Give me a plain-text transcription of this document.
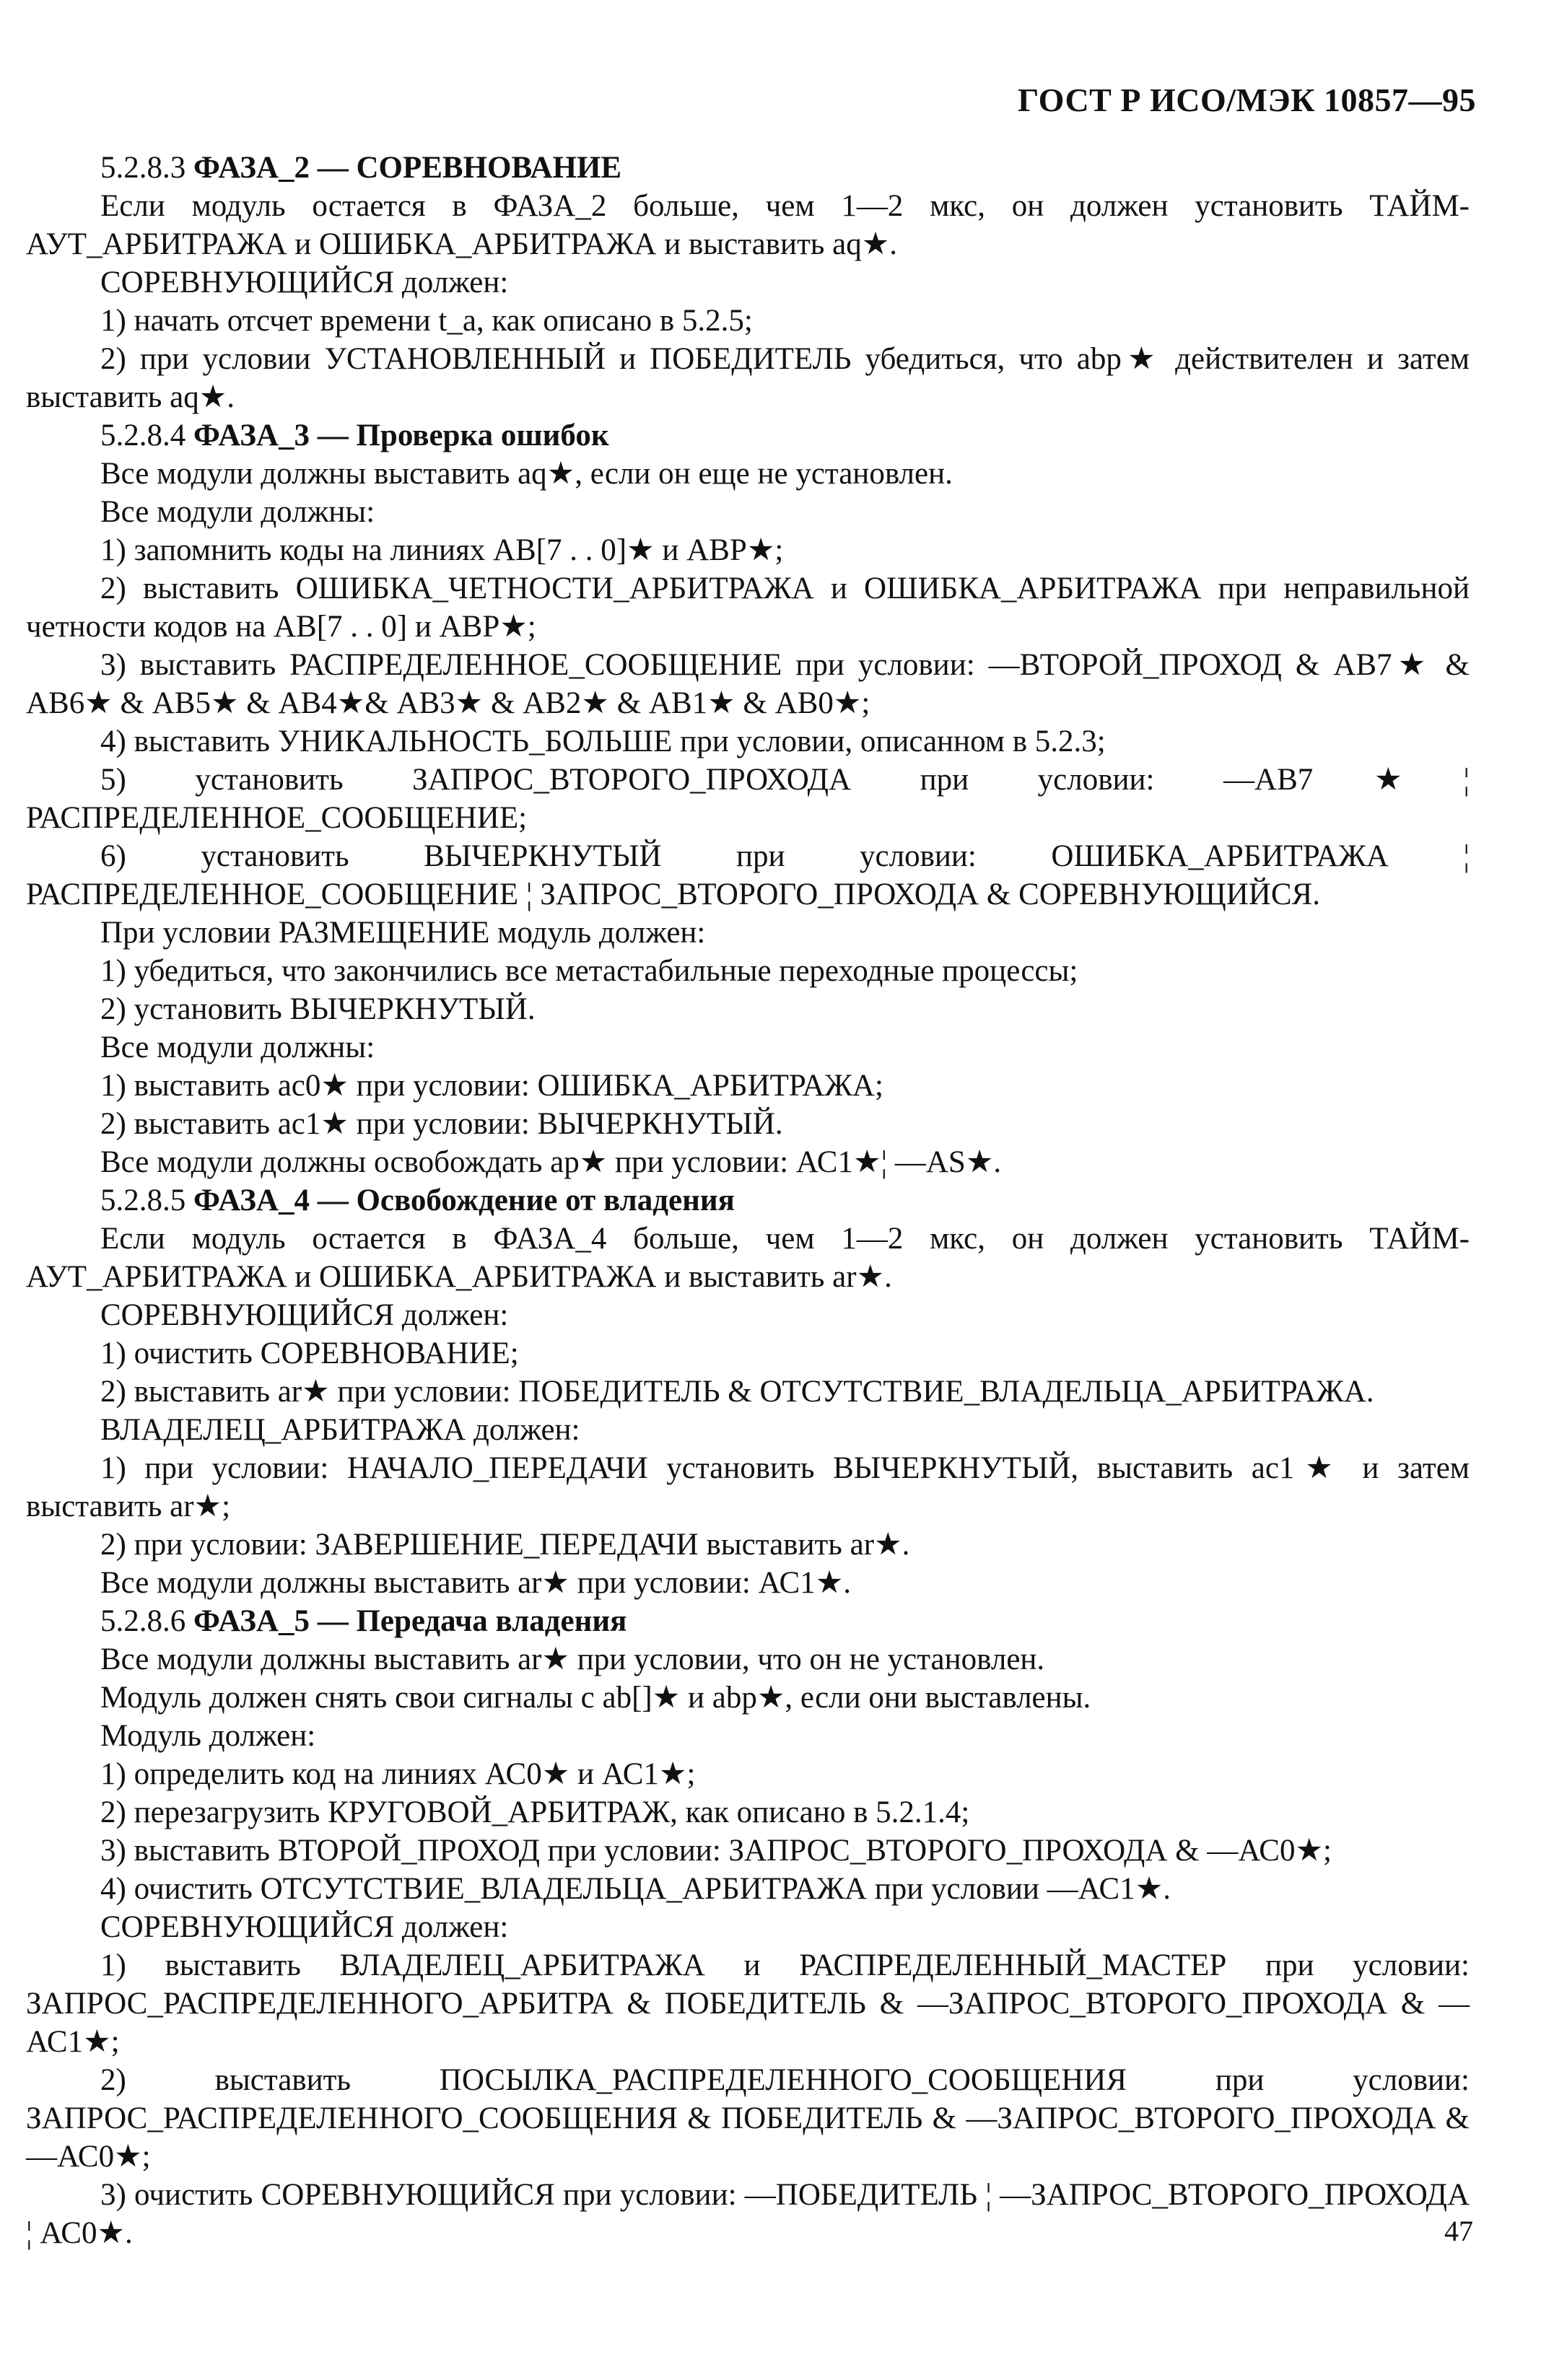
ГОСТ Р ИСО/МЭК 10857—95

5.2.8.3 ФАЗА_2 — СОРЕВНОВАНИЕ

Если модуль остается в ФАЗА_2 больше, чем 1—2 мкс, он должен установить ТАЙМ-АУТ_АРБИТРАЖА и ОШИБКА_АРБИТРАЖА и выставить aq★.

СОРЕВНУЮЩИЙСЯ должен:

1) начать отсчет времени t_a, как описано в 5.2.5;

2) при условии УСТАНОВЛЕННЫЙ и ПОБЕДИТЕЛЬ убедиться, что abp★ действителен и затем выставить aq★.

5.2.8.4 ФАЗА_3 — Проверка ошибок

Все модули должны выставить aq★, если он еще не установлен.

Все модули должны:

1) запомнить коды на линиях АВ[7 . . 0]★ и АВР★;

2) выставить ОШИБКА_ЧЕТНОСТИ_АРБИТРАЖА и ОШИБКА_АРБИТРАЖА при неправильной четности кодов на АВ[7 . . 0] и АВР★;

3) выставить РАСПРЕДЕЛЕННОЕ_СООБЩЕНИЕ при условии: —ВТОРОЙ_ПРОХОД & АВ7★ & АВ6★ & АВ5★ & АВ4★& АВ3★ & АВ2★ & АВ1★ & АВ0★;

4) выставить УНИКАЛЬНОСТЬ_БОЛЬШЕ при условии, описанном в 5.2.3;

5) установить ЗАПРОС_ВТОРОГО_ПРОХОДА при условии: —АВ7★¦ РАСПРЕДЕЛЕННОЕ_СООБЩЕНИЕ;

6) установить ВЫЧЕРКНУТЫЙ при условии: ОШИБКА_АРБИТРАЖА ¦ РАСПРЕДЕЛЕННОЕ_СООБЩЕНИЕ ¦ ЗАПРОС_ВТОРОГО_ПРОХОДА & СОРЕВНУЮЩИЙСЯ.

При условии РАЗМЕЩЕНИЕ модуль должен:

1) убедиться, что закончились все метастабильные переходные процессы;

2) установить ВЫЧЕРКНУТЫЙ.

Все модули должны:

1) выставить ас0★ при условии: ОШИБКА_АРБИТРАЖА;

2) выставить ас1★ при условии: ВЫЧЕРКНУТЫЙ.

Все модули должны освобождать ар★ при условии: АС1★¦ —АS★.

5.2.8.5 ФАЗА_4 — Освобождение от владения

Если модуль остается в ФАЗА_4 больше, чем 1—2 мкс, он должен установить ТАЙМ-АУТ_АРБИТРАЖА и ОШИБКА_АРБИТРАЖА и выставить ar★.

СОРЕВНУЮЩИЙСЯ должен:

1) очистить СОРЕВНОВАНИЕ;

2) выставить ar★ при условии: ПОБЕДИТЕЛЬ & ОТСУТСТВИЕ_ВЛАДЕЛЬЦА_АРБИТРАЖА.

ВЛАДЕЛЕЦ_АРБИТРАЖА должен:

1) при условии: НАЧАЛО_ПЕРЕДАЧИ установить ВЫЧЕРКНУТЫЙ, выставить ас1★ и затем выставить ar★;

2) при условии: ЗАВЕРШЕНИЕ_ПЕРЕДАЧИ выставить ar★.

Все модули должны выставить ar★ при условии: АС1★.

5.2.8.6 ФАЗА_5 — Передача владения

Все модули должны выставить ar★ при условии, что он не установлен.

Модуль должен снять свои сигналы с ab[]★ и abp★, если они выставлены.

Модуль должен:

1) определить код на линиях АС0★ и АС1★;

2) перезагрузить КРУГОВОЙ_АРБИТРАЖ, как описано в 5.2.1.4;

3) выставить ВТОРОЙ_ПРОХОД при условии: ЗАПРОС_ВТОРОГО_ПРОХОДА & —АС0★;

4) очистить ОТСУТСТВИЕ_ВЛАДЕЛЬЦА_АРБИТРАЖА при условии —АС1★.

СОРЕВНУЮЩИЙСЯ должен:

1) выставить ВЛАДЕЛЕЦ_АРБИТРАЖА и РАСПРЕДЕЛЕННЫЙ_МАСТЕР при условии: ЗАПРОС_РАСПРЕДЕЛЕННОГО_АРБИТРА & ПОБЕДИТЕЛЬ & —ЗАПРОС_ВТОРОГО_ПРОХОДА & —АС1★;

2) выставить ПОСЫЛКА_РАСПРЕДЕЛЕННОГО_СООБЩЕНИЯ при условии: ЗАПРОС_РАСПРЕДЕЛЕННОГО_СООБЩЕНИЯ & ПОБЕДИТЕЛЬ & —ЗАПРОС_ВТОРОГО_ПРОХОДА & —АС0★;

3) очистить СОРЕВНУЮЩИЙСЯ при условии: —ПОБЕДИТЕЛЬ ¦ —ЗАПРОС_ВТОРОГО_ПРОХОДА ¦ АС0★.	47
